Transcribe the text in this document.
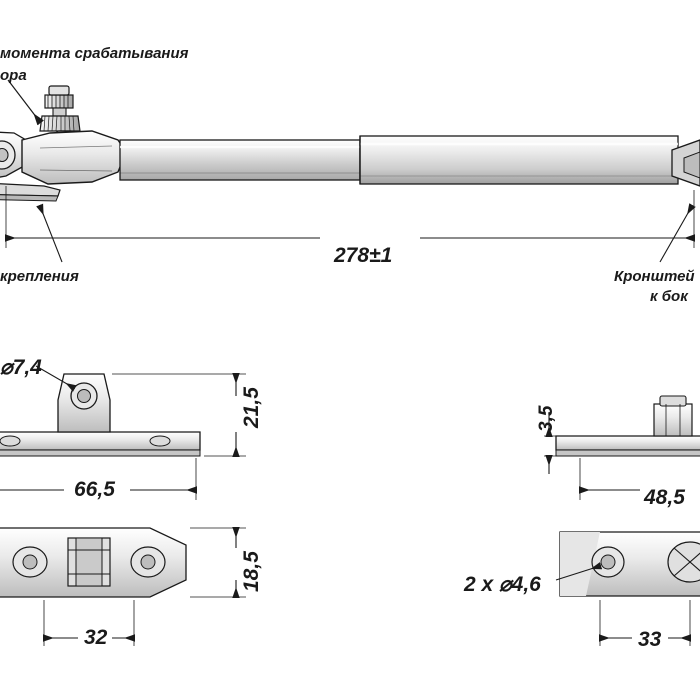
момента срабатывания
ора
крепления	Кронштей
к бок
278±1
⌀7,4
21,5
66,5
18,5
32
3,5
48,5
2 x ⌀4,6
33
